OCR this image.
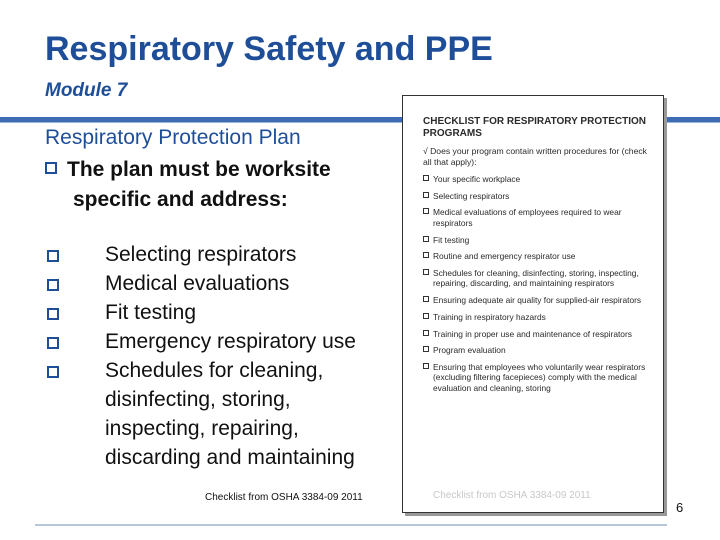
Respiratory Safety and PPE
Module 7
Respiratory Protection Plan
The plan must be worksite
specific and address:
Selecting respirators
Medical evaluations
Fit testing
Emergency respiratory use
Schedules for cleaning,
disinfecting, storing,
inspecting, repairing,
discarding and maintaining
CHECKLIST FOR RESPIRATORY PROTECTION
PROGRAMS
√ Does your program contain written procedures for (check all that apply):
Your specific workplace
Selecting respirators
Medical evaluations of employees required to wear respirators
Fit testing
Routine and emergency respirator use
Schedules for cleaning, disinfecting, storing, inspecting, repairing, discarding, and maintaining respirators
Ensuring adequate air quality for supplied-air respirators
Training in respiratory hazards
Training in proper use and maintenance of respirators
Program evaluation
Ensuring that employees who voluntarily wear respirators (excluding filtering facepieces) comply with the medical evaluation and cleaning, storing
Checklist from OSHA 3384-09 2011	Checklist from OSHA 3384-09 2011
6
